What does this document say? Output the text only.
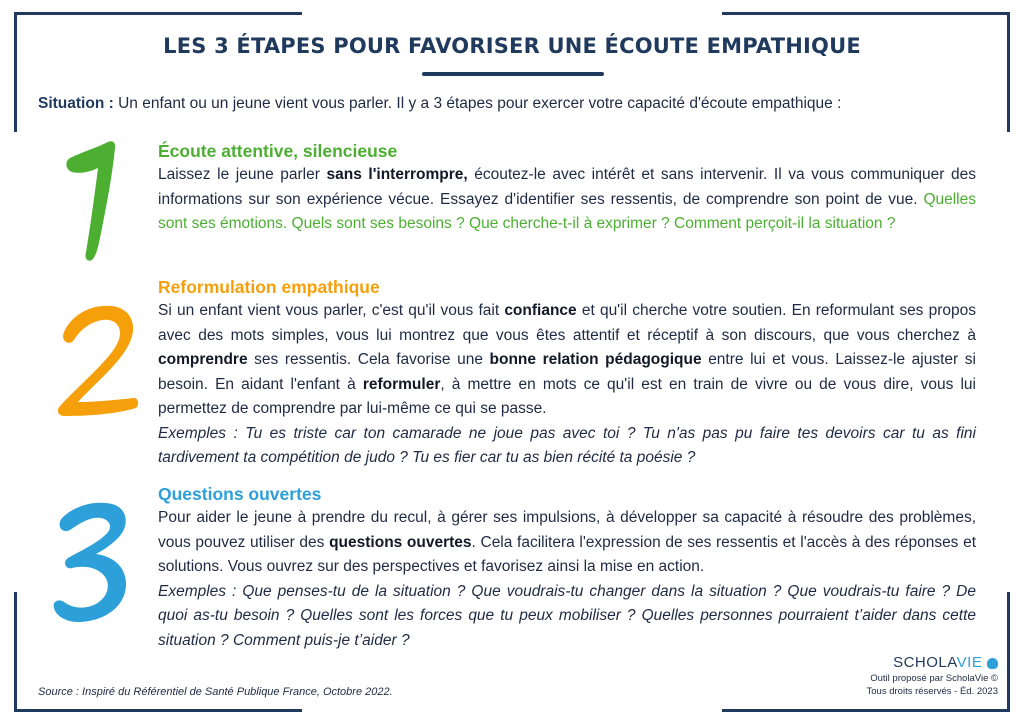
LES 3 ÉTAPES POUR FAVORISER UNE ÉCOUTE EMPATHIQUE

Situation : Un enfant ou un jeune vient vous parler. Il y a 3 étapes pour exercer votre capacité d'écoute empathique :

Écoute attentive, silencieuse

Laissez le jeune parler sans l'interrompre, écoutez-le avec intérêt et sans intervenir. Il va vous communiquer des informations sur son expérience vécue. Essayez d'identifier ses ressentis, de comprendre son point de vue. Quelles sont ses émotions. Quels sont ses besoins ? Que cherche-t-il à exprimer ? Comment perçoit-il la situation ?

Reformulation empathique

Si un enfant vient vous parler, c'est qu'il vous fait confiance et qu'il cherche votre soutien. En reformulant ses propos avec des mots simples, vous lui montrez que vous êtes attentif et réceptif à son discours, que vous cherchez à comprendre ses ressentis. Cela favorise une bonne relation pédagogique entre lui et vous. Laissez-le ajuster si besoin. En aidant l'enfant à reformuler, à mettre en mots ce qu'il est en train de vivre ou de vous dire, vous lui permettez de comprendre par lui-même ce qui se passe.

Exemples : Tu es triste car ton camarade ne joue pas avec toi ? Tu n'as pas pu faire tes devoirs car tu as fini tardivement ta compétition de judo ? Tu es fier car tu as bien récité ta poésie ?

Questions ouvertes

Pour aider le jeune à prendre du recul, à gérer ses impulsions, à développer sa capacité à résoudre des problèmes, vous pouvez utiliser des questions ouvertes. Cela facilitera l'expression de ses ressentis et l'accès à des réponses et solutions. Vous ouvrez sur des perspectives et favorisez ainsi la mise en action.

Exemples : Que penses-tu de la situation ? Que voudrais-tu changer dans la situation ? Que voudrais-tu faire ? De quoi as-tu besoin ? Quelles sont les forces que tu peux mobiliser ? Quelles personnes pourraient t’aider dans cette situation ? Comment puis-je t’aider ?

Source : Inspiré du Référentiel de Santé Publique France, Octobre 2022.

SCHOLAVIE
Outil proposé par ScholaVie ©
Tous droits réservés - Éd. 2023
